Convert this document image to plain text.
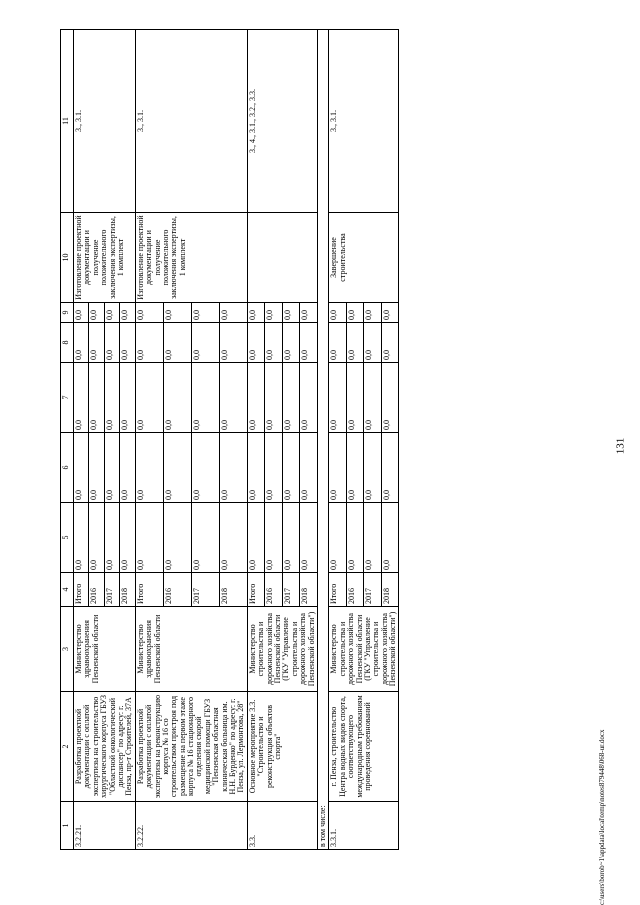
131
1	2	3	4	5	6	7	8	9	10	11
3.2.21.	Разработка проектной документации с оплатой экспертизы на строительство хирургического корпуса ГБУЗ "Областной онкологический диспансер" по адресу: г. Пенза, пр-т Строителей, 37А	Министерство здравоохранения Пензенской области	Итого	0,0	0,0	0,0	0,0	0,0	Изготовление проектной документации и получение положительного заключения экспертизы, 1 комплект	3., 3.1.
			2016	0,0	0,0	0,0	0,0	0,0		
			2017	0,0	0,0	0,0	0,0	0,0		
			2018	0,0	0,0	0,0	0,0	0,0		
3.2.22.	Разработка проектной документации с оплатой экспертизы на реконструкцию корпуса № 16 со строительством пристроя под размещение на первом этаже корпуса № 16 стационарного отделения скорой медицинской помощи ГБУЗ "Пензенская областная клиническая больница им. Н.Н. Бурденко" по адресу: г. Пенза, ул. Лермонтова, 28"	Министерство здравоохранения Пензенской области	Итого	0,0	0,0	0,0	0,0	0,0	Изготовление проектной документации и получение положительного заключения экспертизы, 1 комплект	3., 3.1.
			2016	0,0	0,0	0,0	0,0	0,0		
			2017	0,0	0,0	0,0	0,0	0,0		
			2018	0,0	0,0	0,0	0,0	0,0		
3.3.	Основное мероприятие 3.3. "Строительство и реконструкция объектов спорта"	Министерство строительства и дорожного хозяйства Пензенской области (ГКУ "Управление строительства и дорожного хозяйства Пензенской области")	Итого	0,0	0,0	0,0	0,0	0,0		3., 4., 3.1., 3.2., 3.3.
			2016	0,0	0,0	0,0	0,0	0,0		
			2017	0,0	0,0	0,0	0,0	0,0		
			2018	0,0	0,0	0,0	0,0	0,0		
в том числе:										
3.3.1.	г. Пенза, строительство Центра водных видов спорта, соответствующего международным требованиям проведения соревнований	Министерство строительства и дорожного хозяйства Пензенской области (ГКУ "Управление строительства и дорожного хозяйства Пензенской области")	Итого	0,0	0,0	0,0	0,0	0,0	Завершение строительства	3., 3.1.
			2016	0,0	0,0	0,0	0,0	0,0		
			2017	0,0	0,0	0,0	0,0	0,0		
			2018	0,0	0,0	0,0	0,0	0,0		
c:\users\borob~1\appdata\local\temp\notes879448\068-ur.docx
